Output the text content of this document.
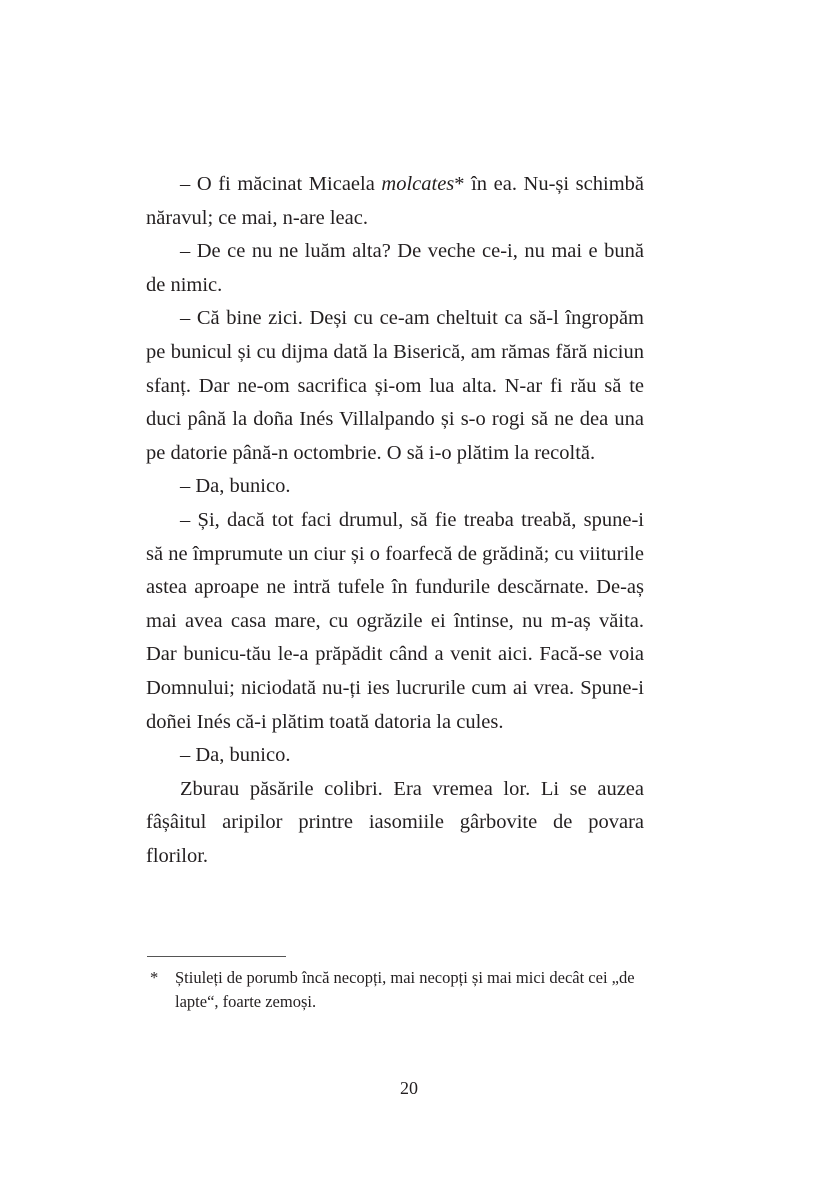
– O fi măcinat Micaela molcates* în ea. Nu-și schimbă năravul; ce mai, n-are leac.

– De ce nu ne luăm alta? De veche ce-i, nu mai e bună de nimic.

– Că bine zici. Deși cu ce-am cheltuit ca să-l îngropăm pe bunicul și cu dijma dată la Biserică, am rămas fără niciun sfanț. Dar ne-om sacrifica și-om lua alta. N-ar fi rău să te duci până la doña Inés Villalpando și s-o rogi să ne dea una pe datorie până-n octombrie. O să i-o plătim la recoltă.

– Da, bunico.

– Și, dacă tot faci drumul, să fie treaba treabă, spune-i să ne împrumute un ciur și o foarfecă de grădină; cu viiturile astea aproape ne intră tufele în fundurile descărnate. De-aș mai avea casa mare, cu ogrăzile ei întinse, nu m-aș văita. Dar bunicu-tău le-a prăpădit când a venit aici. Facă-se voia Domnului; niciodată nu-ți ies lucrurile cum ai vrea. Spune-i doñei Inés că-i plătim toată datoria la cules.

– Da, bunico.

Zburau păsările colibri. Era vremea lor. Li se auzea fâșâitul aripilor printre iasomiile gârbovite de povara florilor.

* Știuleți de porumb încă necopți, mai necopți și mai mici decât cei „de lapte“, foarte zemoși.
20
